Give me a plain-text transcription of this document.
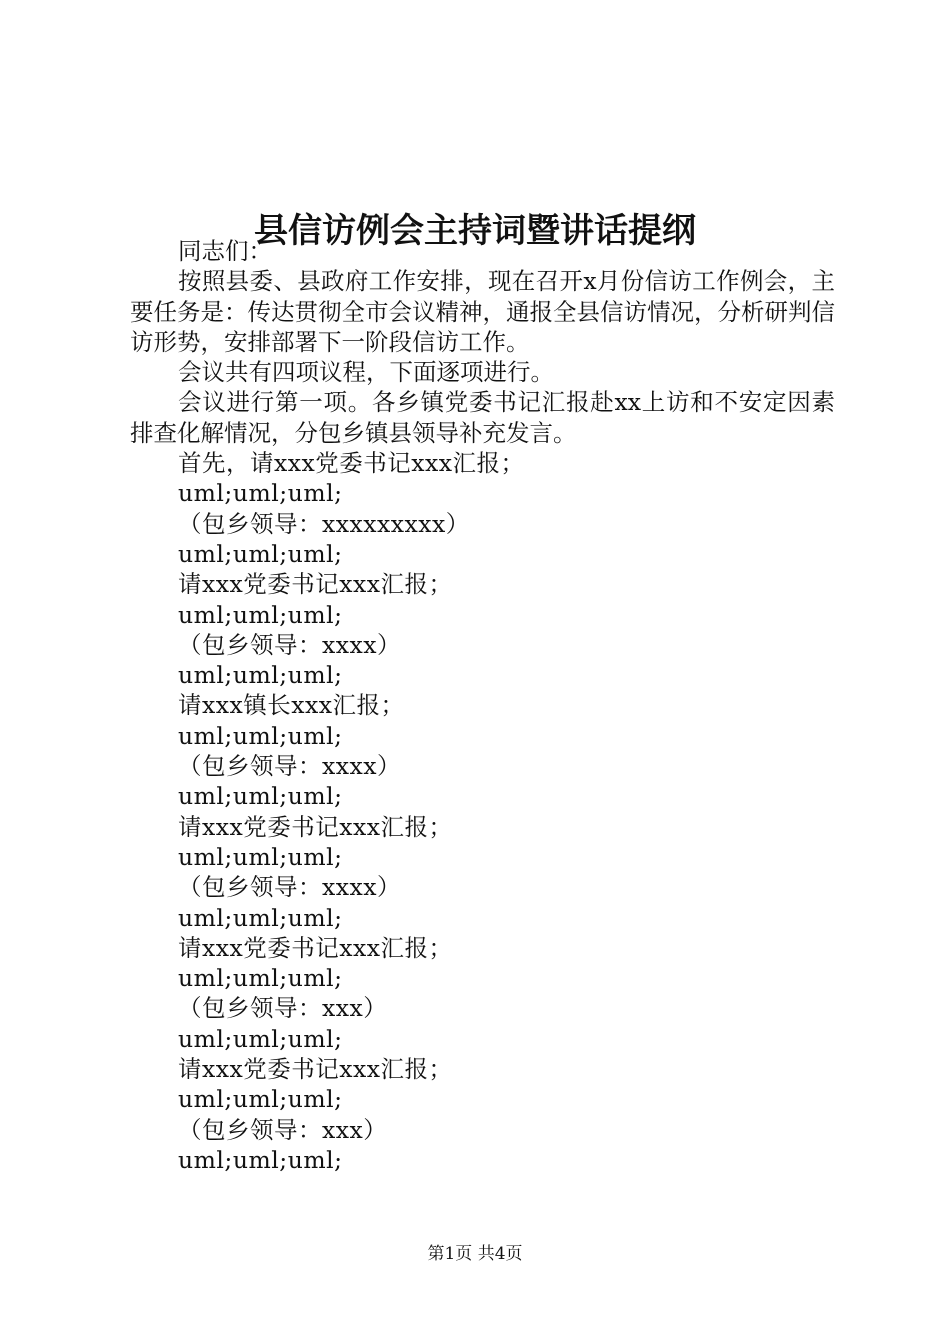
县信访例会主持词暨讲话提纲

同志们：

按照县委、县政府工作安排，现在召开x月份信访工作例会，主要任务是：传达贯彻全市会议精神，通报全县信访情况，分析研判信访形势，安排部署下一阶段信访工作。

会议共有四项议程，下面逐项进行。

会议进行第一项。各乡镇党委书记汇报赴xx上访和不安定因素排查化解情况，分包乡镇县领导补充发言。

首先，请xxx党委书记xxx汇报；

uml;uml;uml;

（包乡领导：xxxxxxxxx）

uml;uml;uml;

请xxx党委书记xxx汇报；

uml;uml;uml;

（包乡领导：xxxx）

uml;uml;uml;

请xxx镇长xxx汇报；

uml;uml;uml;

（包乡领导：xxxx）

uml;uml;uml;

请xxx党委书记xxx汇报；

uml;uml;uml;

（包乡领导：xxxx）

uml;uml;uml;

请xxx党委书记xxx汇报；

uml;uml;uml;

（包乡领导：xxx）

uml;uml;uml;

请xxx党委书记xxx汇报；

uml;uml;uml;

（包乡领导：xxx）

uml;uml;uml;

第1页 共4页
